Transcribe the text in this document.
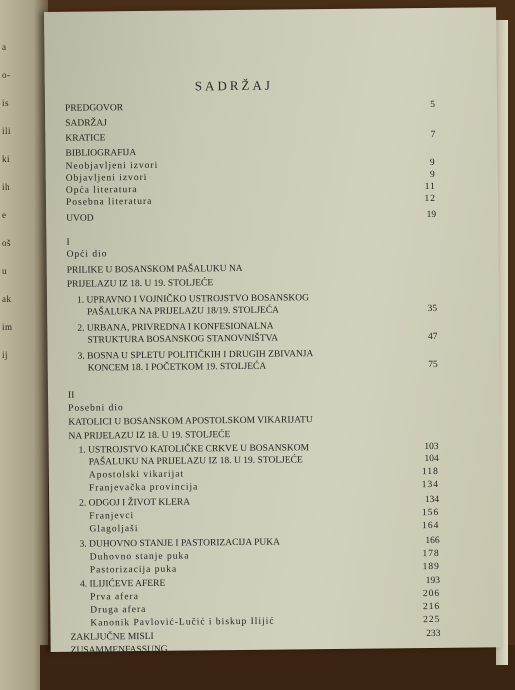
a
o-
is
ili
ki
ih
e
oš
u
ak
im
ij
SADRŽAJ
PREDGOVOR	5
SADRŽAJ
KRATICE	7
BIBLIOGRAFIJA
Neobjavljeni izvori	9
Objavljeni izvori	9
Opća literatura	11
Posebna literatura	12
UVOD	19
I
Opći dio
PRILIKE U BOSANSKOM PAŠALUKU NA
PRIJELAZU IZ 18. U 19. STOLJEĆE
1. UPRAVNO I VOJNIČKO USTROJSTVO BOSANSKOG
PAŠALUKA NA PRIJELAZU 18/19. STOLJEĆA	35
2. URBANA, PRIVREDNA I KONFESIONALNA
STRUKTURA BOSANSKOG STANOVNIŠTVA	47
3. BOSNA U SPLETU POLITIČKIH I DRUGIH ZBIVANJA
KONCEM 18. I POČETKOM 19. STOLJEĆA	75
II
Posebni dio
KATOLICI U BOSANSKOM APOSTOLSKOM VIKARIJATU
NA PRIJELAZU IZ 18. U 19. STOLJEĆE
1. USTROJSTVO KATOLIČKE CRKVE U BOSANSKOM	103
PAŠALUKU NA PRIJELAZU IZ 18. U 19. STOLJEĆE	104
Apostolski vikarijat	118
Franjevačka provincija	134
2. ODGOJ I ŽIVOT KLERA	134
Franjevci	156
Glagoljaši	164
3. DUHOVNO STANJE I PASTORIZACIJA PUKA	166
Duhovno stanje puka	178
Pastorizacija puka	189
4. ILIJIĆEVE AFERE	193
Prva afera	206
Druga afera	216
Kanonik Pavlović-Lučić i biskup Ilijić	225
ZAKLJUČNE MISLI	233
ZUSAMMENFASSUNG
